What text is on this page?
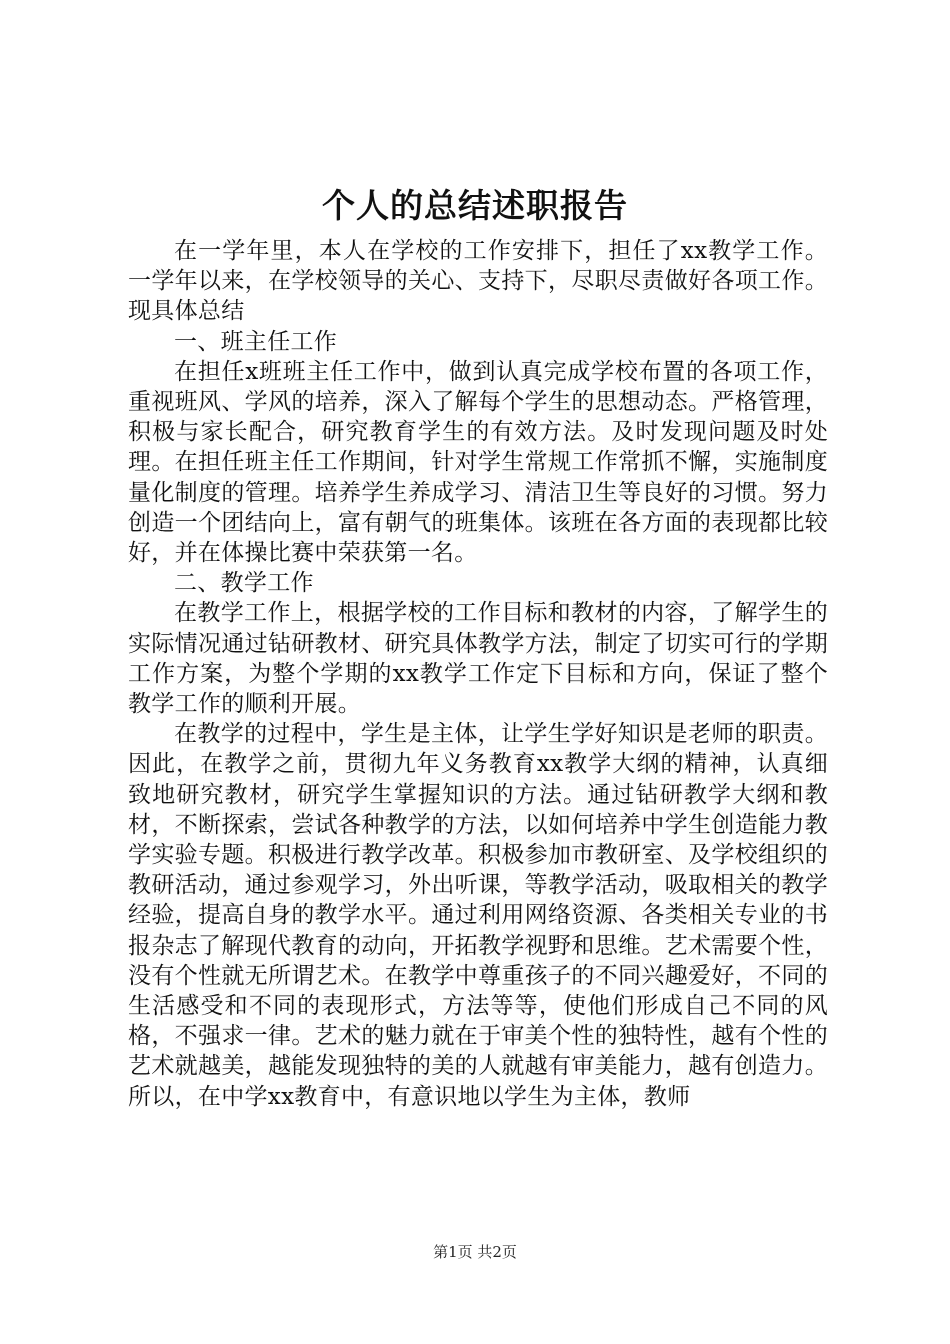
个人的总结述职报告

在一学年里，本人在学校的工作安排下，担任了xx教学工作。一学年以来，在学校领导的关心、支持下，尽职尽责做好各项工作。现具体总结

一、班主任工作

在担任x班班主任工作中，做到认真完成学校布置的各项工作，重视班风、学风的培养，深入了解每个学生的思想动态。严格管理，积极与家长配合，研究教育学生的有效方法。及时发现问题及时处理。在担任班主任工作期间，针对学生常规工作常抓不懈，实施制度量化制度的管理。培养学生养成学习、清洁卫生等良好的习惯。努力创造一个团结向上，富有朝气的班集体。该班在各方面的表现都比较好，并在体操比赛中荣获第一名。

二、教学工作

在教学工作上，根据学校的工作目标和教材的内容，了解学生的实际情况通过钻研教材、研究具体教学方法，制定了切实可行的学期工作方案，为整个学期的xx教学工作定下目标和方向，保证了整个教学工作的顺利开展。

在教学的过程中，学生是主体，让学生学好知识是老师的职责。因此，在教学之前，贯彻九年义务教育xx教学大纲的精神，认真细致地研究教材，研究学生掌握知识的方法。通过钻研教学大纲和教材，不断探索，尝试各种教学的方法，以如何培养中学生创造能力教学实验专题。积极进行教学改革。积极参加市教研室、及学校组织的教研活动，通过参观学习，外出听课，等教学活动，吸取相关的教学经验，提高自身的教学水平。通过利用网络资源、各类相关专业的书报杂志了解现代教育的动向，开拓教学视野和思维。艺术需要个性，没有个性就无所谓艺术。在教学中尊重孩子的不同兴趣爱好，不同的生活感受和不同的表现形式，方法等等，使他们形成自己不同的风格，不强求一律。艺术的魅力就在于审美个性的独特性，越有个性的艺术就越美，越能发现独特的美的人就越有审美能力，越有创造力。所以，在中学xx教育中，有意识地以学生为主体，教师

第1页 共2页
